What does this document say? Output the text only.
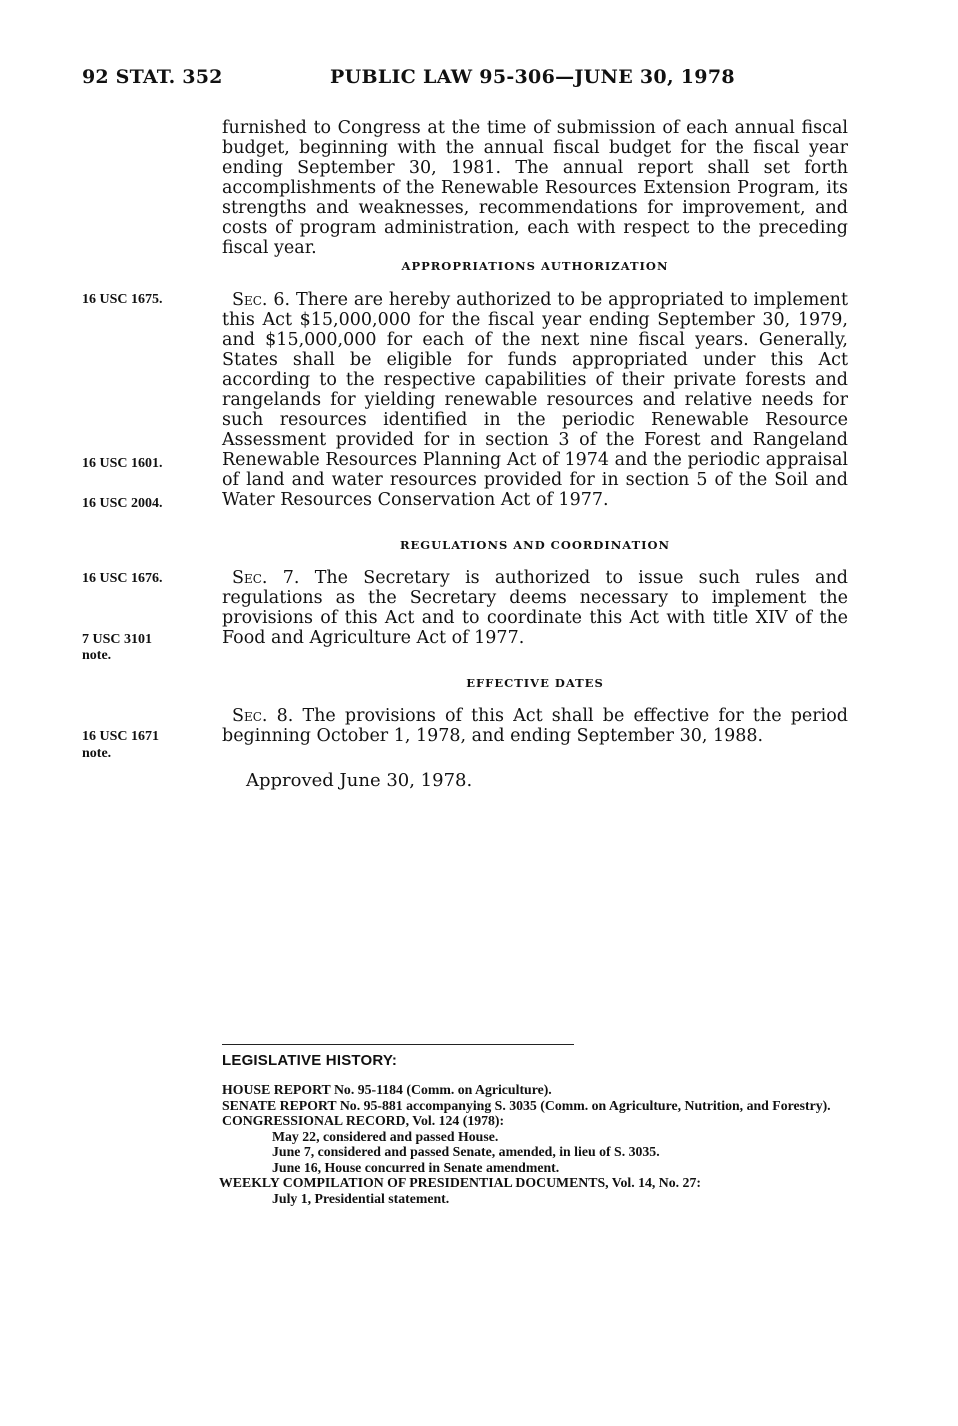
92 STAT. 352	PUBLIC LAW 95-306—JUNE 30, 1978

furnished to Congress at the time of submission of each annual fiscal budget, beginning with the annual fiscal budget for the fiscal year ending September 30, 1981. The annual report shall set forth accomplishments of the Renewable Resources Extension Program, its strengths and weaknesses, recommendations for improvement, and costs of program administration, each with respect to the preceding fiscal year.

APPROPRIATIONS AUTHORIZATION
16 USC 1675.	Sec. 6. There are hereby authorized to be appropriated to implement this Act $15,000,000 for the fiscal year ending September 30, 1979, and $15,000,000 for each of the next nine fiscal years. Generally, States shall be eligible for funds appropriated under this Act according to the respective capabilities of their private forests and rangelands for yielding renewable resources and relative needs for such resources identified in the periodic Renewable Resource Assessment provided for in section 3 of the Forest and Rangeland Renewable Resources Planning Act of 1974 and the periodic appraisal of land and water resources provided for in section 5 of the Soil and Water Resources Conservation Act of 1977.

16 USC 1601.
16 USC 2004.
REGULATIONS AND COORDINATION
16 USC 1676.	Sec. 7. The Secretary is authorized to issue such rules and regulations as the Secretary deems necessary to implement the provisions of this Act and to coordinate this Act with title XIV of the Food and Agriculture Act of 1977.

7 USC 3101
note.
EFFECTIVE DATES
16 USC 1671
note.

Sec. 8. The provisions of this Act shall be effective for the period beginning October 1, 1978, and ending September 30, 1988.

Approved June 30, 1978.
LEGISLATIVE HISTORY:
HOUSE REPORT No. 95-1184 (Comm. on Agriculture).
SENATE REPORT No. 95-881 accompanying S. 3035 (Comm. on Agriculture, Nutrition, and Forestry).
CONGRESSIONAL RECORD, Vol. 124 (1978):
May 22, considered and passed House.
June 7, considered and passed Senate, amended, in lieu of S. 3035.
June 16, House concurred in Senate amendment.
WEEKLY COMPILATION OF PRESIDENTIAL DOCUMENTS, Vol. 14, No. 27:
July 1, Presidential statement.
